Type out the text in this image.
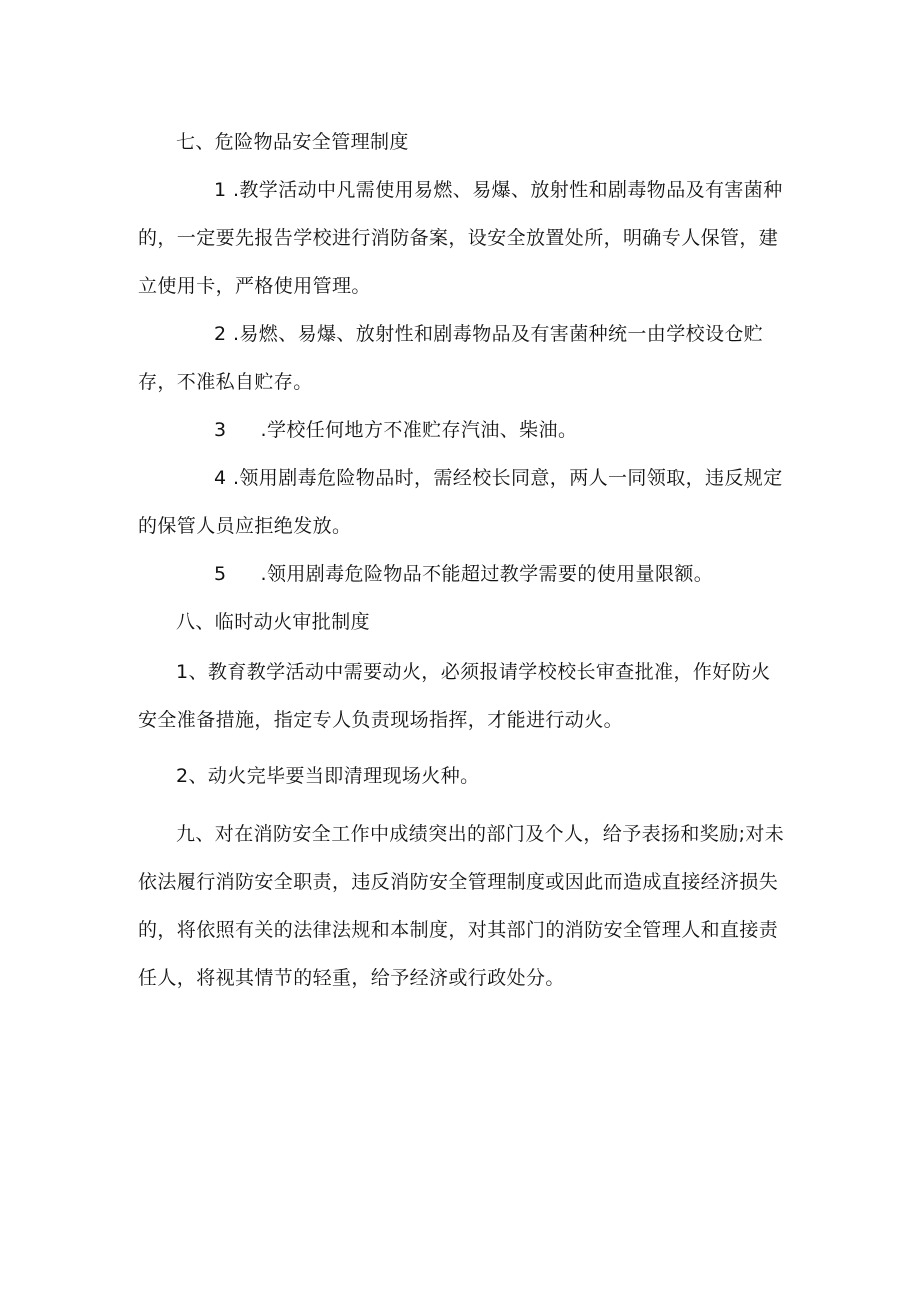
七、危险物品安全管理制度

1 .教学活动中凡需使用易燃、易爆、放射性和剧毒物品及有害菌种的，一定要先报告学校进行消防备案，设安全放置处所，明确专人保管，建立使用卡，严格使用管理。

2 .易燃、易爆、放射性和剧毒物品及有害菌种统一由学校设仓贮存，不准私自贮存。

3 .学校任何地方不准贮存汽油、柴油。

4 .领用剧毒危险物品时，需经校长同意，两人一同领取，违反规定的保管人员应拒绝发放。

5 .领用剧毒危险物品不能超过教学需要的使用量限额。

八、临时动火审批制度

1、教育教学活动中需要动火，必须报请学校校长审查批准，作好防火安全准备措施，指定专人负责现场指挥，才能进行动火。

2、动火完毕要当即清理现场火种。

九、对在消防安全工作中成绩突出的部门及个人，给予表扬和奖励;对未依法履行消防安全职责，违反消防安全管理制度或因此而造成直接经济损失的，将依照有关的法律法规和本制度，对其部门的消防安全管理人和直接责任人，将视其情节的轻重，给予经济或行政处分。
